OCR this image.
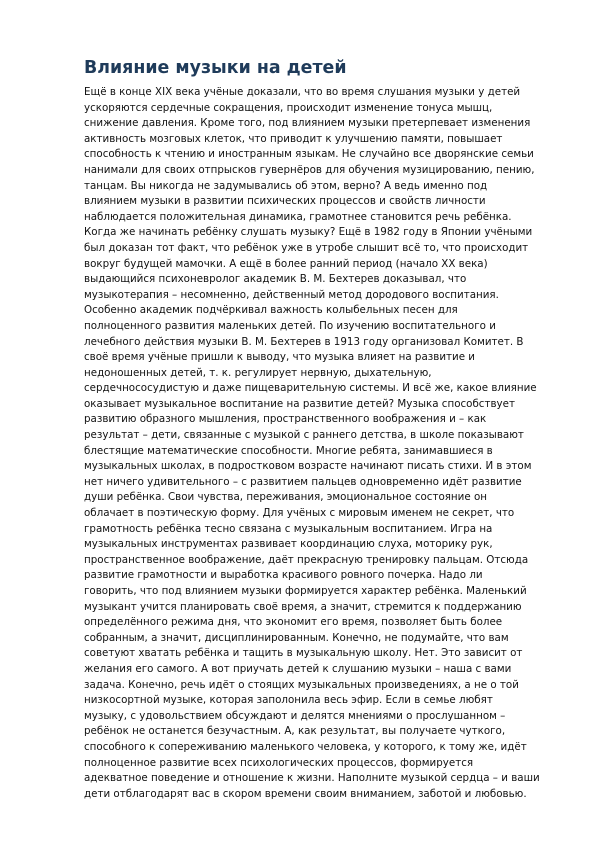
Влияние музыки на детей
Ещё в конце XIX века учёные доказали, что во время слушания музыки у детей
ускоряются сердечные сокращения, происходит изменение тонуса мышц,
снижение давления. Кроме того, под влиянием музыки претерпевает изменения
активность мозговых клеток, что приводит к улучшению памяти, повышает
способность к чтению и иностранным языкам. Не случайно все дворянские семьи
нанимали для своих отпрысков гувернёров для обучения музицированию, пению,
танцам. Вы никогда не задумывались об этом, верно? А ведь именно под
влиянием музыки в развитии психических процессов и свойств личности
наблюдается положительная динамика, грамотнее становится речь ребёнка.
Когда же начинать ребёнку слушать музыку? Ещё в 1982 году в Японии учёными
был доказан тот факт, что ребёнок уже в утробе слышит всё то, что происходит
вокруг будущей мамочки. А ещё в более ранний период (начало XX века)
выдающийся психоневролог академик В. М. Бехтерев доказывал, что
музыкотерапия – несомненно, действенный метод дородового воспитания.
Особенно академик подчёркивал важность колыбельных песен для
полноценного развития маленьких детей. По изучению воспитательного и
лечебного действия музыки В. М. Бехтерев в 1913 году организовал Комитет. В
своё время учёные пришли к выводу, что музыка влияет на развитие и
недоношенных детей, т. к. регулирует нервную, дыхательную,
сердечнососудистую и даже пищеварительную системы. И всё же, какое влияние
оказывает музыкальное воспитание на развитие детей? Музыка способствует
развитию образного мышления, пространственного воображения и – как
результат – дети, связанные с музыкой с раннего детства, в школе показывают
блестящие математические способности. Многие ребята, занимавшиеся в
музыкальных школах, в подростковом возрасте начинают писать стихи. И в этом
нет ничего удивительного – с развитием пальцев одновременно идёт развитие
души ребёнка. Свои чувства, переживания, эмоциональное состояние он
облачает в поэтическую форму. Для учёных с мировым именем не секрет, что
грамотность ребёнка тесно связана с музыкальным воспитанием. Игра на
музыкальных инструментах развивает координацию слуха, моторику рук,
пространственное воображение, даёт прекрасную тренировку пальцам. Отсюда
развитие грамотности и выработка красивого ровного почерка. Надо ли
говорить, что под влиянием музыки формируется характер ребёнка. Маленький
музыкант учится планировать своё время, а значит, стремится к поддержанию
определённого режима дня, что экономит его время, позволяет быть более
собранным, а значит, дисциплинированным. Конечно, не подумайте, что вам
советуют хватать ребёнка и тащить в музыкальную школу. Нет. Это зависит от
желания его самого. А вот приучать детей к слушанию музыки – наша с вами
задача. Конечно, речь идёт о стоящих музыкальных произведениях, а не о той
низкосортной музыке, которая заполонила весь эфир. Если в семье любят
музыку, с удовольствием обсуждают и делятся мнениями о прослушанном –
ребёнок не останется безучастным. А, как результат, вы получаете чуткого,
способного к сопереживанию маленького человека, у которого, к тому же, идёт
полноценное развитие всех психологических процессов, формируется
адекватное поведение и отношение к жизни. Наполните музыкой сердца – и ваши
дети отблагодарят вас в скором времени своим вниманием, заботой и любовью.
